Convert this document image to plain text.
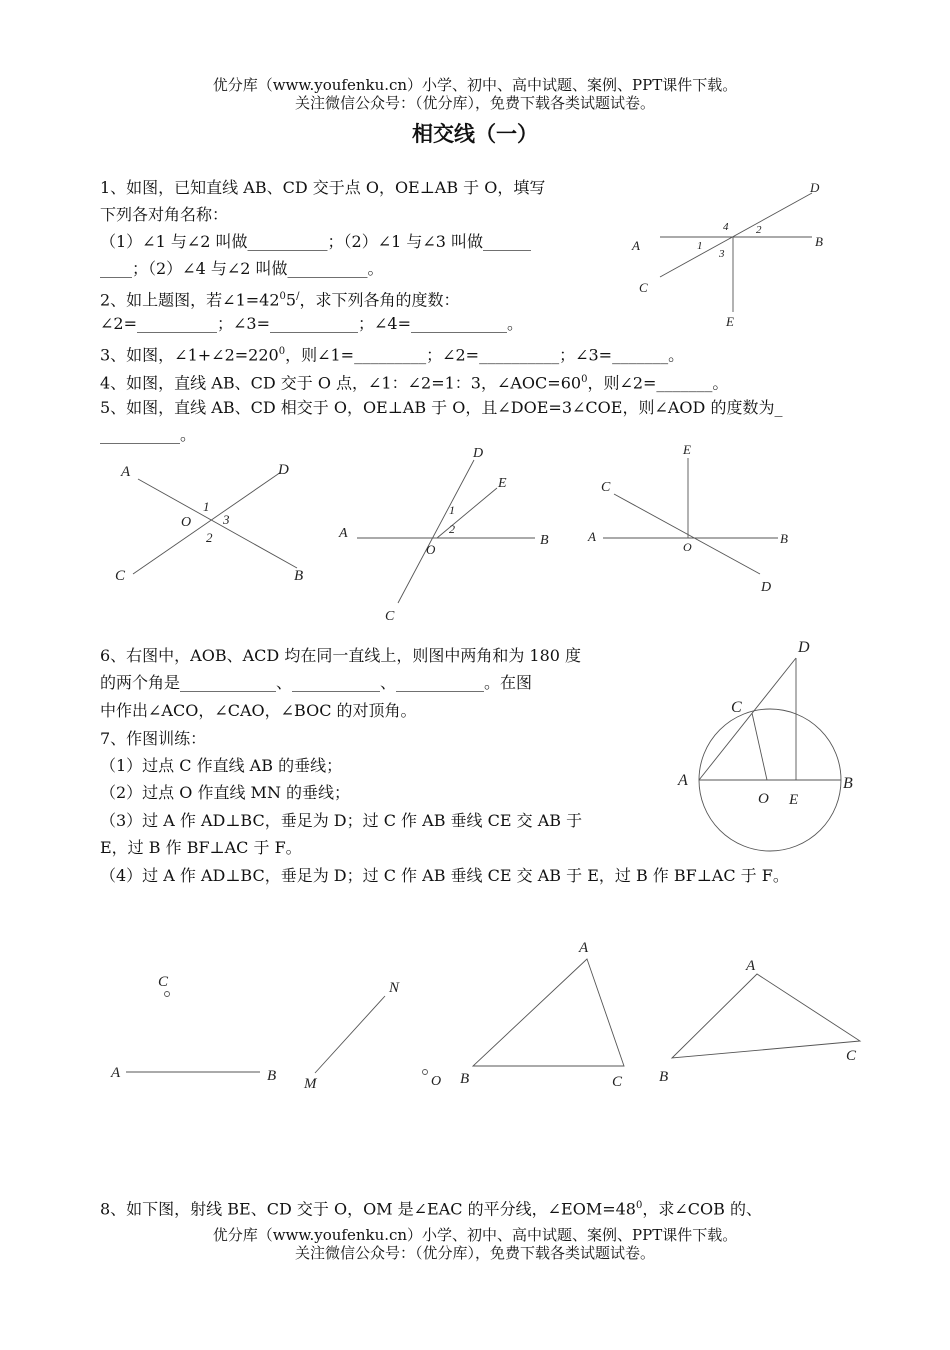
优分库（www.youfenku.cn）小学、初中、高中试题、案例、PPT课件下载。
关注微信公众号：（优分库），免费下载各类试题试卷。
相交线（一）
1、如图，已知直线 AB、CD 交于点 O，OE⊥AB 于 O，填写
下列各对角名称：
（1）∠1 与∠2 叫做__________；（2）∠1 与∠3 叫做______
____；（2）∠4 与∠2 叫做__________。
2、如上题图，若$\angle 1=42^05^/$，求下列各角的度数：
∠2=__________；∠3=___________；∠4=____________。
3、如图，$\angle 1+\angle 2=220^0$，则∠1=_________；∠2=__________；∠3=_______。
4、如图，直线 AB、CD 交于 O 点，∠1：∠2=1：3，$\angle AOC=60^0$，则∠2=_______。
5、如图，直线 AB、CD 相交于 O，OE⊥AB 于 O，且∠DOE=3∠COE，则∠AOD 的度数为_
__________。
6、右图中，AOB、ACD 均在同一直线上，则图中两角和为 180 度
的两个角是____________、___________、___________。在图
中作出∠ACO，∠CAO，∠BOC 的对顶角。
7、作图训练：
（1）过点 C 作直线 AB 的垂线；
（2）过点 O 作直线 MN 的垂线；
（3）过 A 作 AD⊥BC，垂足为 D；过 C 作 AB 垂线 CE 交 AB 于
E，过 B 作 BF⊥AC 于 F。
（4）过 A 作 AD⊥BC，垂足为 D；过 C 作 AB 垂线 CE 交 AB 于 E，过 B 作 BF⊥AC 于 F。
8、如下图，射线 BE、CD 交于 O，OM 是∠EAC 的平分线，$\angle EOM=48^0$，求∠COB 的、
优分库（www.youfenku.cn）小学、初中、高中试题、案例、PPT课件下载。
关注微信公众号：（优分库），免费下载各类试题试卷。
D
A	B
C
E
4	2
1
3
A	D
C	B
O
1
3
2
D
E
A	B
O
C
1
2
E
C
A	B
O
D
D
C
A	B
O E
C
A	B
N
M	O
A
B	C
A
B
C
